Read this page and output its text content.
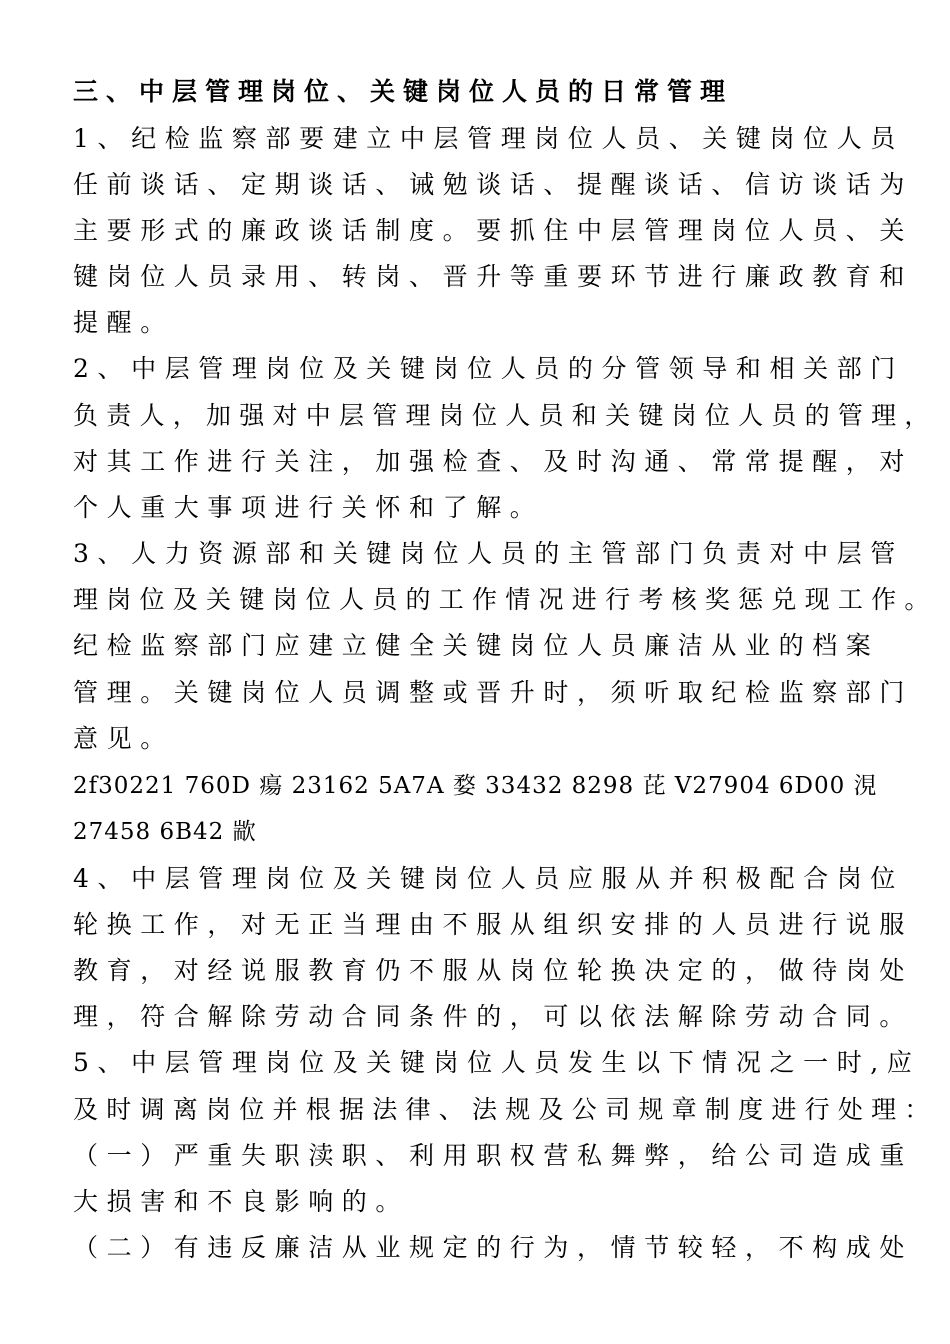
三、中层管理岗位、关键岗位人员的日常管理
1、纪检监察部要建立中层管理岗位人员、关键岗位人员
任前谈话、定期谈话、诫勉谈话、提醒谈话、信访谈话为
主要形式的廉政谈话制度。要抓住中层管理岗位人员、关
键岗位人员录用、转岗、晋升等重要环节进行廉政教育和
提醒。
2、中层管理岗位及关键岗位人员的分管领导和相关部门
负责人，加强对中层管理岗位人员和关键岗位人员的管理，
对其工作进行关注，加强检查、及时沟通、常常提醒，对
个人重大事项进行关怀和了解。
3、人力资源部和关键岗位人员的主管部门负责对中层管
理岗位及关键岗位人员的工作情况进行考核奖惩兑现工作。
纪检监察部门应建立健全关键岗位人员廉洁从业的档案
管理。关键岗位人员调整或晋升时，须听取纪检监察部门
意见。
2f30221 760D 瘍 23162 5A7A 婺 33432 8298 芘 V27904 6D00 涀
27458 6B42 歂
4、中层管理岗位及关键岗位人员应服从并积极配合岗位
轮换工作，对无正当理由不服从组织安排的人员进行说服
教育，对经说服教育仍不服从岗位轮换决定的，做待岗处
理，符合解除劳动合同条件的，可以依法解除劳动合同。
5、中层管理岗位及关键岗位人员发生以下情况之一时,应
及时调离岗位并根据法律、法规及公司规章制度进行处理：
（一）严重失职渎职、利用职权营私舞弊，给公司造成重
大损害和不良影响的。
（二）有违反廉洁从业规定的行为，情节较轻，不构成处
